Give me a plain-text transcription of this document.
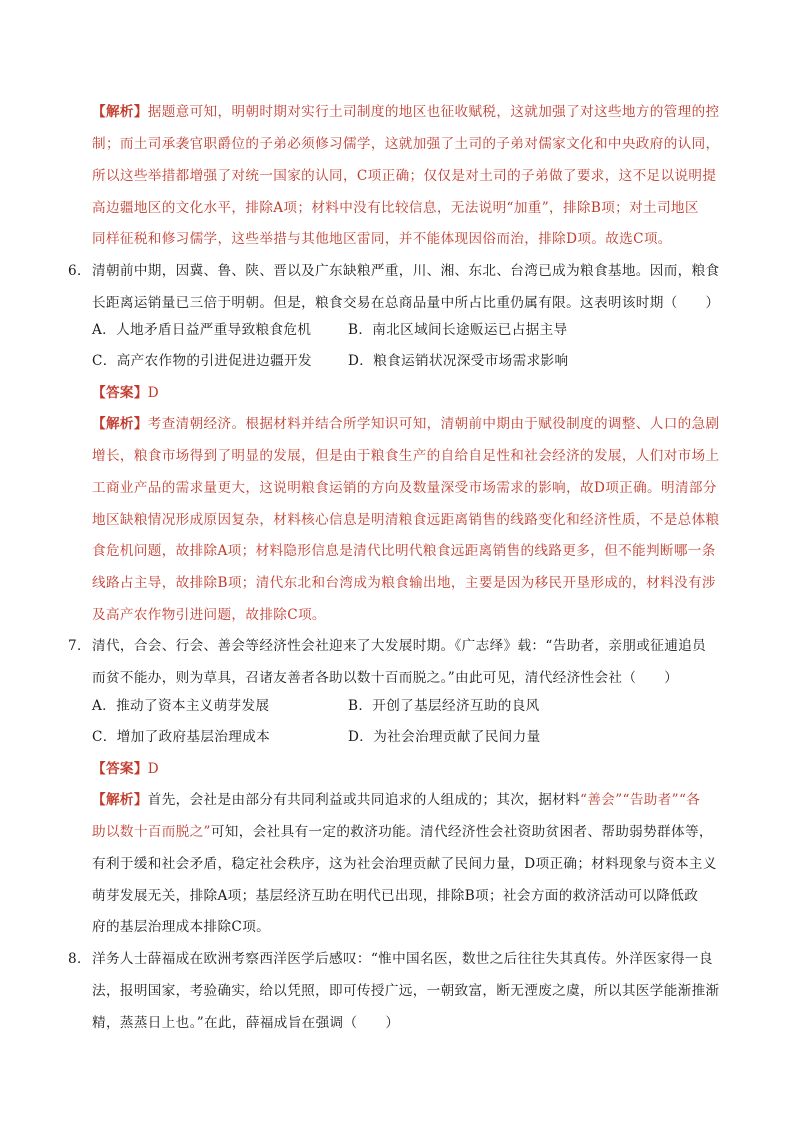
【解析】据题意可知，明朝时期对实行土司制度的地区也征收赋税，这就加强了对这些地方的管理的控
制；而土司承袭官职爵位的子弟必须修习儒学，这就加强了土司的子弟对儒家文化和中央政府的认同，
所以这些举措都增强了对统一国家的认同，C项正确；仅仅是对土司的子弟做了要求，这不足以说明提
高边疆地区的文化水平，排除A项；材料中没有比较信息，无法说明“加重”，排除B项；对土司地区
同样征税和修习儒学，这些举措与其他地区雷同，并不能体现因俗而治，排除D项。故选C项。
6．清朝前中期，因冀、鲁、陕、晋以及广东缺粮严重，川、湘、东北、台湾已成为粮食基地。因而，粮食
长距离运销量已三倍于明朝。但是，粮食交易在总商品量中所占比重仍属有限。这表明该时期（　　）
A．人地矛盾日益严重导致粮食危机	B．南北区域间长途贩运已占据主导
C．高产农作物的引进促进边疆开发	D．粮食运销状况深受市场需求影响
【答案】D
【解析】考查清朝经济。根据材料并结合所学知识可知，清朝前中期由于赋役制度的调整、人口的急剧
增长，粮食市场得到了明显的发展，但是由于粮食生产的自给自足性和社会经济的发展，人们对市场上
工商业产品的需求量更大，这说明粮食运销的方向及数量深受市场需求的影响，故D项正确。明清部分
地区缺粮情况形成原因复杂，材料核心信息是明清粮食远距离销售的线路变化和经济性质，不是总体粮
食危机问题，故排除A项；材料隐形信息是清代比明代粮食远距离销售的线路更多，但不能判断哪一条
线路占主导，故排除B项；清代东北和台湾成为粮食输出地，主要是因为移民开垦形成的，材料没有涉
及高产农作物引进问题，故排除C项。
7．清代，合会、行会、善会等经济性会社迎来了大发展时期。《广志绎》载：“告助者，亲朋或征逋追员
而贫不能办，则为草具，召诸友善者各助以数十百而脱之。”由此可见，清代经济性会社（　　）
A．推动了资本主义萌芽发展	B．开创了基层经济互助的良风
C．增加了政府基层治理成本	D．为社会治理贡献了民间力量
【答案】D
【解析】首先，会社是由部分有共同利益或共同追求的人组成的；其次，据材料“善会”“告助者”“各
助以数十百而脱之”可知，会社具有一定的救济功能。清代经济性会社资助贫困者、帮助弱势群体等，
有利于缓和社会矛盾，稳定社会秩序，这为社会治理贡献了民间力量，D项正确；材料现象与资本主义
萌芽发展无关，排除A项；基层经济互助在明代已出现，排除B项；社会方面的救济活动可以降低政
府的基层治理成本排除C项。
8．洋务人士薛福成在欧洲考察西洋医学后感叹：“惟中国名医，数世之后往往失其真传。外洋医家得一良
法，报明国家，考验确实，给以凭照，即可传授广远，一朝致富，断无湮废之虞，所以其医学能渐推渐
精，蒸蒸日上也。”在此，薛福成旨在强调（　　）
